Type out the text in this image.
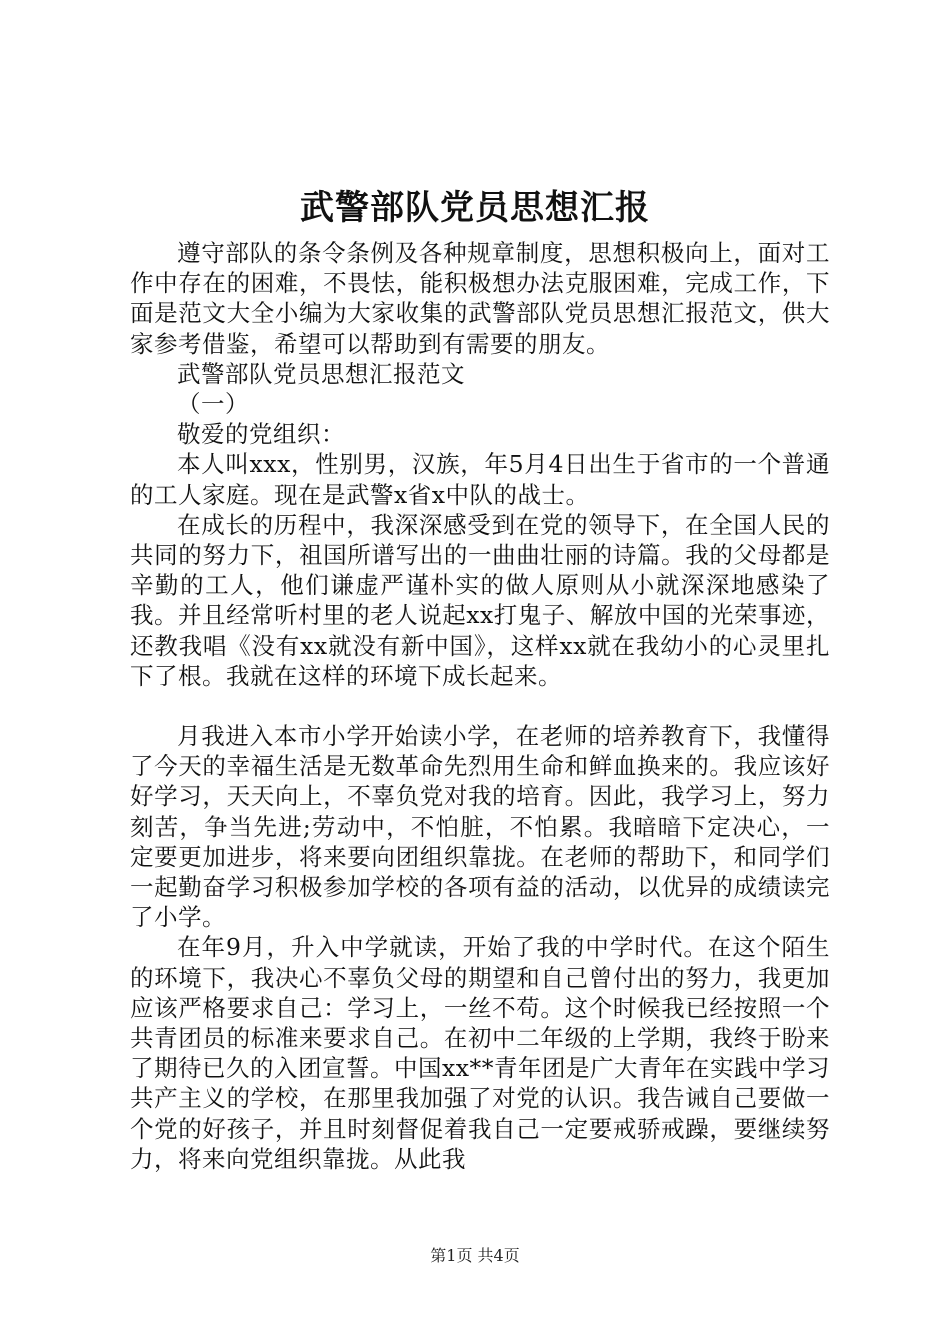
武警部队党员思想汇报

遵守部队的条令条例及各种规章制度，思想积极向上，面对工作中存在的困难，不畏怯，能积极想办法克服困难，完成工作，下面是范文大全小编为大家收集的武警部队党员思想汇报范文，供大家参考借鉴，希望可以帮助到有需要的朋友。

武警部队党员思想汇报范文

（一）

敬爱的党组织：

本人叫xxx，性别男，汉族，年5月4日出生于省市的一个普通的工人家庭。现在是武警x省x中队的战士。

在成长的历程中，我深深感受到在党的领导下，在全国人民的共同的努力下，祖国所谱写出的一曲曲壮丽的诗篇。我的父母都是辛勤的工人，他们谦虚严谨朴实的做人原则从小就深深地感染了我。并且经常听村里的老人说起xx打鬼子、解放中国的光荣事迹，还教我唱《没有xx就没有新中国》，这样xx就在我幼小的心灵里扎下了根。我就在这样的环境下成长起来。

月我进入本市小学开始读小学，在老师的培养教育下，我懂得了今天的幸福生活是无数革命先烈用生命和鲜血换来的。我应该好好学习，天天向上，不辜负党对我的培育。因此，我学习上，努力刻苦，争当先进;劳动中，不怕脏，不怕累。我暗暗下定决心，一定要更加进步，将来要向团组织靠拢。在老师的帮助下，和同学们一起勤奋学习积极参加学校的各项有益的活动，以优异的成绩读完了小学。

在年9月，升入中学就读，开始了我的中学时代。在这个陌生的环境下，我决心不辜负父母的期望和自己曾付出的努力，我更加应该严格要求自己：学习上，一丝不苟。这个时候我已经按照一个共青团员的标准来要求自己。在初中二年级的上学期，我终于盼来了期待已久的入团宣誓。中国xx**青年团是广大青年在实践中学习共产主义的学校，在那里我加强了对党的认识。我告诫自己要做一个党的好孩子，并且时刻督促着我自己一定要戒骄戒躁，要继续努力，将来向党组织靠拢。从此我

第1页 共4页
